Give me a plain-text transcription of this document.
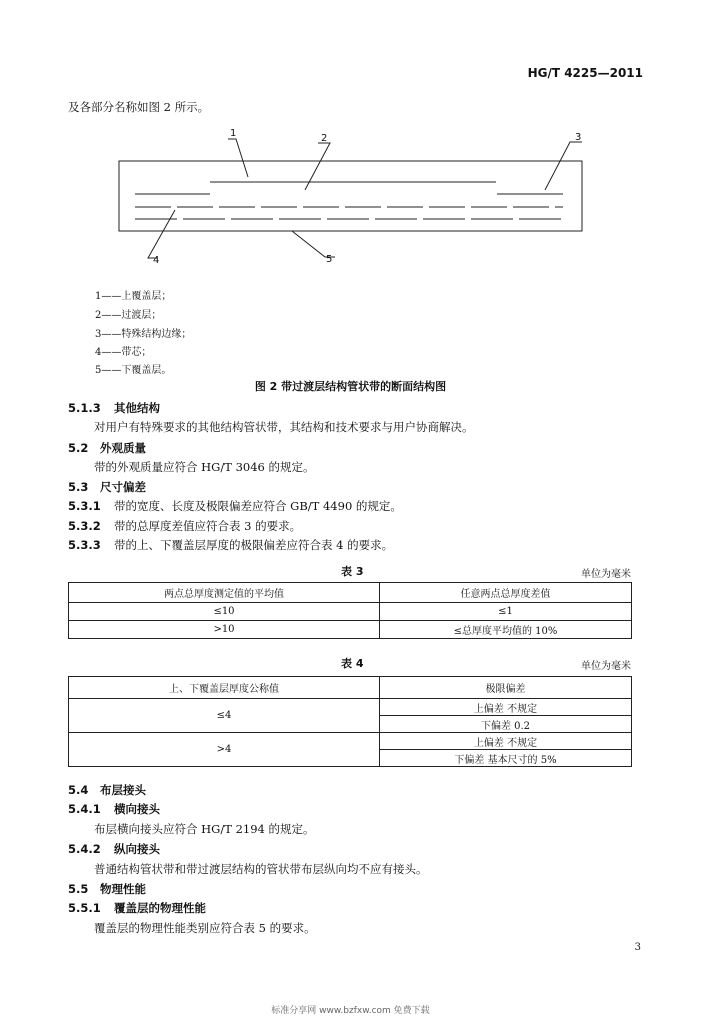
HG/T 4225—2011
及各部分名称如图 2 所示。
1	2	3
4	5
1——上覆盖层；
2——过渡层；
3——特殊结构边缘；
4——带芯；
5——下覆盖层。
图 2 带过渡层结构管状带的断面结构图
5.1.3 其他结构
对用户有特殊要求的其他结构管状带，其结构和技术要求与用户协商解决。
5.2 外观质量
带的外观质量应符合 HG/T 3046 的规定。
5.3 尺寸偏差
5.3.1 带的宽度、长度及极限偏差应符合 GB/T 4490 的规定。
5.3.2 带的总厚度差值应符合表 3 的要求。
5.3.3 带的上、下覆盖层厚度的极限偏差应符合表 4 的要求。
表 3	单位为毫米
两点总厚度测定值的平均值	任意两点总厚度差值
≤10	≤1
>10	≤总厚度平均值的 10%
表 4	单位为毫米
上、下覆盖层厚度公称值	极限偏差
≤4	上偏差 不规定
	下偏差 0.2
>4	上偏差 不规定
	下偏差 基本尺寸的 5%
5.4 布层接头
5.4.1 横向接头
布层横向接头应符合 HG/T 2194 的规定。
5.4.2 纵向接头
普通结构管状带和带过渡层结构的管状带布层纵向均不应有接头。
5.5 物理性能
5.5.1 覆盖层的物理性能
覆盖层的物理性能类别应符合表 5 的要求。
3
标准分享网 www.bzfxw.com 免费下载
